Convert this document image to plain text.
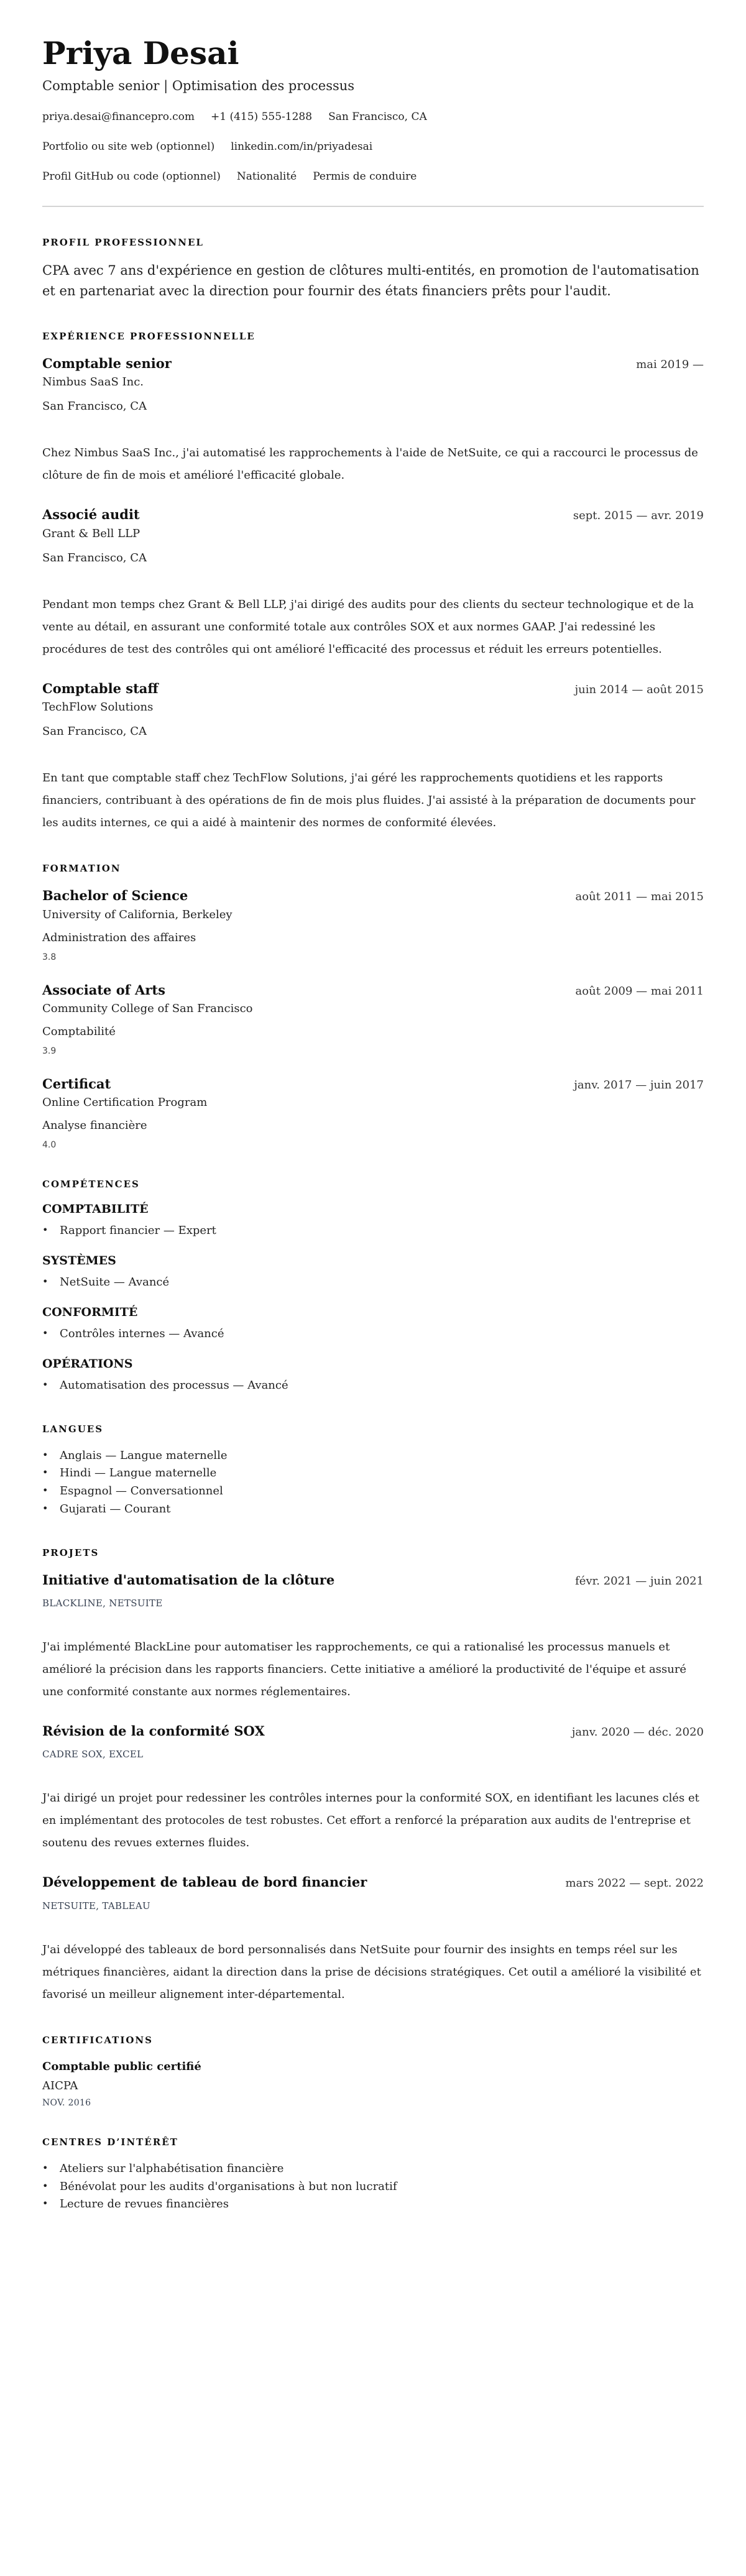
Priya Desai
Comptable senior | Optimisation des processus
priya.desai@financepro.com +1 (415) 555-1288 San Francisco, CA
Portfolio ou site web (optionnel) linkedin.com/in/priyadesai
Profil GitHub ou code (optionnel) Nationalité Permis de conduire
PROFIL PROFESSIONNEL

CPA avec 7 ans d'expérience en gestion de clôtures multi-entités, en promotion de l'automatisation et en partenariat avec la direction pour fournir des états financiers prêts pour l'audit.

EXPÉRIENCE PROFESSIONNELLE
Comptable senior	mai 2019 —
Nimbus SaaS Inc.
San Francisco, CA

Chez Nimbus SaaS Inc., j'ai automatisé les rapprochements à l'aide de NetSuite, ce qui a raccourci le processus de clôture de fin de mois et amélioré l'efficacité globale.

Associé audit	sept. 2015 — avr. 2019
Grant & Bell LLP
San Francisco, CA

Pendant mon temps chez Grant & Bell LLP, j'ai dirigé des audits pour des clients du secteur technologique et de la vente au détail, en assurant une conformité totale aux contrôles SOX et aux normes GAAP. J'ai redessiné les procédures de test des contrôles qui ont amélioré l'efficacité des processus et réduit les erreurs potentielles.

Comptable staff	juin 2014 — août 2015
TechFlow Solutions
San Francisco, CA

En tant que comptable staff chez TechFlow Solutions, j'ai géré les rapprochements quotidiens et les rapports financiers, contribuant à des opérations de fin de mois plus fluides. J'ai assisté à la préparation de documents pour les audits internes, ce qui a aidé à maintenir des normes de conformité élevées.

FORMATION
Bachelor of Science	août 2011 — mai 2015
University of California, Berkeley
Administration des affaires
3.8
Associate of Arts	août 2009 — mai 2011
Community College of San Francisco
Comptabilité
3.9
Certificat	janv. 2017 — juin 2017
Online Certification Program
Analyse financière
4.0
COMPÉTENCES
COMPTABILITÉ
• Rapport financier — Expert
SYSTÈMES
• NetSuite — Avancé
CONFORMITÉ
• Contrôles internes — Avancé
OPÉRATIONS
• Automatisation des processus — Avancé
LANGUES
• Anglais — Langue maternelle
• Hindi — Langue maternelle
• Espagnol — Conversationnel
• Gujarati — Courant
PROJETS
Initiative d'automatisation de la clôture	févr. 2021 — juin 2021
BLACKLINE, NETSUITE

J'ai implémenté BlackLine pour automatiser les rapprochements, ce qui a rationalisé les processus manuels et amélioré la précision dans les rapports financiers. Cette initiative a amélioré la productivité de l'équipe et assuré une conformité constante aux normes réglementaires.

Révision de la conformité SOX	janv. 2020 — déc. 2020
CADRE SOX, EXCEL

J'ai dirigé un projet pour redessiner les contrôles internes pour la conformité SOX, en identifiant les lacunes clés et en implémentant des protocoles de test robustes. Cet effort a renforcé la préparation aux audits de l'entreprise et soutenu des revues externes fluides.

Développement de tableau de bord financier	mars 2022 — sept. 2022
NETSUITE, TABLEAU

J'ai développé des tableaux de bord personnalisés dans NetSuite pour fournir des insights en temps réel sur les métriques financières, aidant la direction dans la prise de décisions stratégiques. Cet outil a amélioré la visibilité et favorisé un meilleur alignement inter-départemental.

CERTIFICATIONS
Comptable public certifié
AICPA
NOV. 2016
CENTRES D’INTÉRÊT
• Ateliers sur l'alphabétisation financière
• Bénévolat pour les audits d'organisations à but non lucratif
• Lecture de revues financières
